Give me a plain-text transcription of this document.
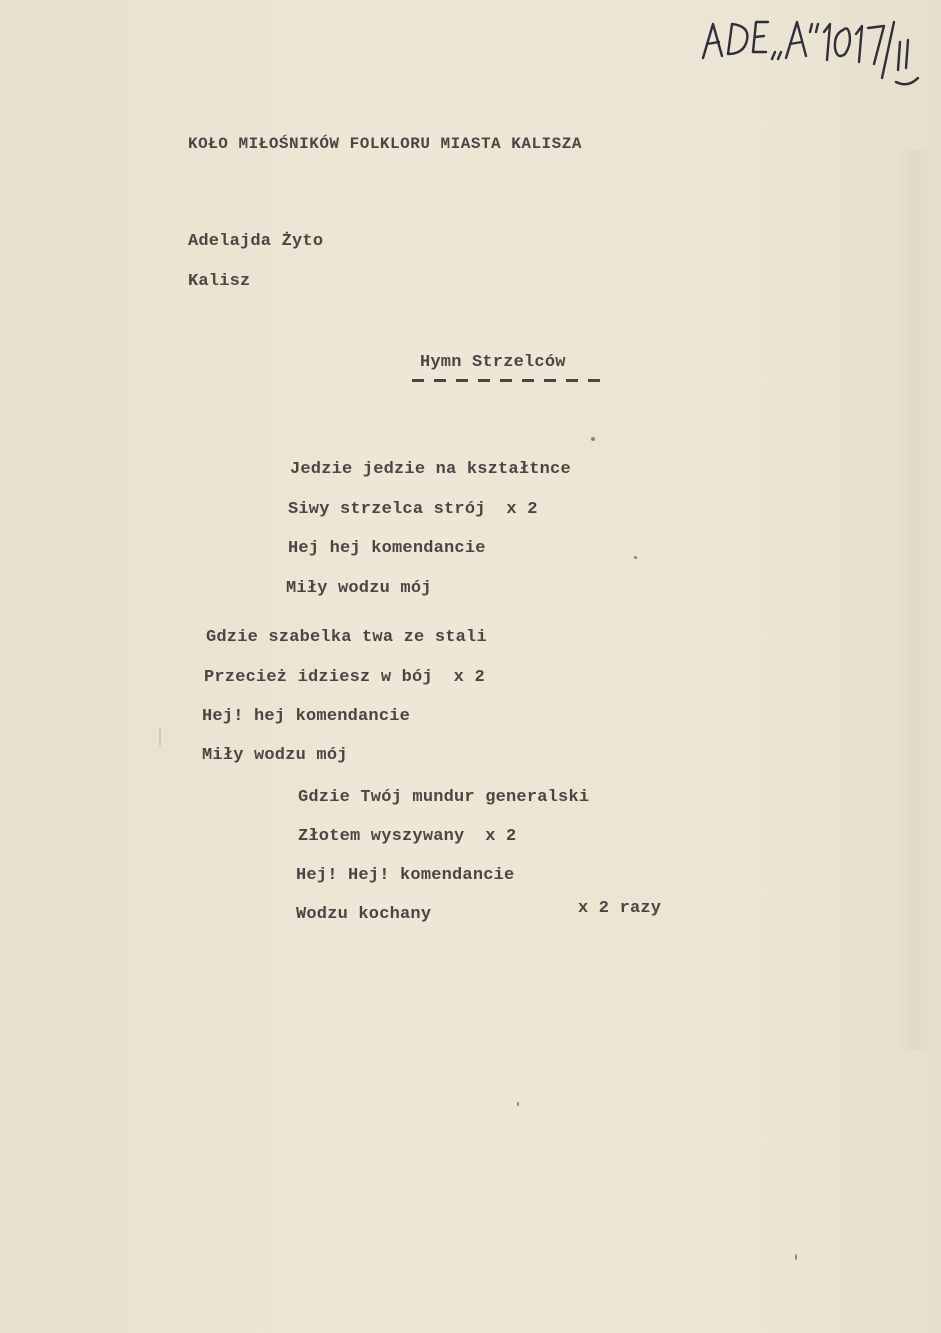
KOŁO MIŁOŚNIKÓW FOLKLORU MIASTA KALISZA
Adelajda Żyto
Kalisz
Hymn Strzelców
Jedzie jedzie na kształtnce
Siwy strzelca strój  x 2
Hej hej komendancie
Miły wodzu mój
Gdzie szabelka twa ze stali
Przecież idziesz w bój  x 2
Hej! hej komendancie
Miły wodzu mój
Gdzie Twój mundur generalski
Złotem wyszywany  x 2
Hej! Hej! komendancie
Wodzu kochany	x 2 razy
